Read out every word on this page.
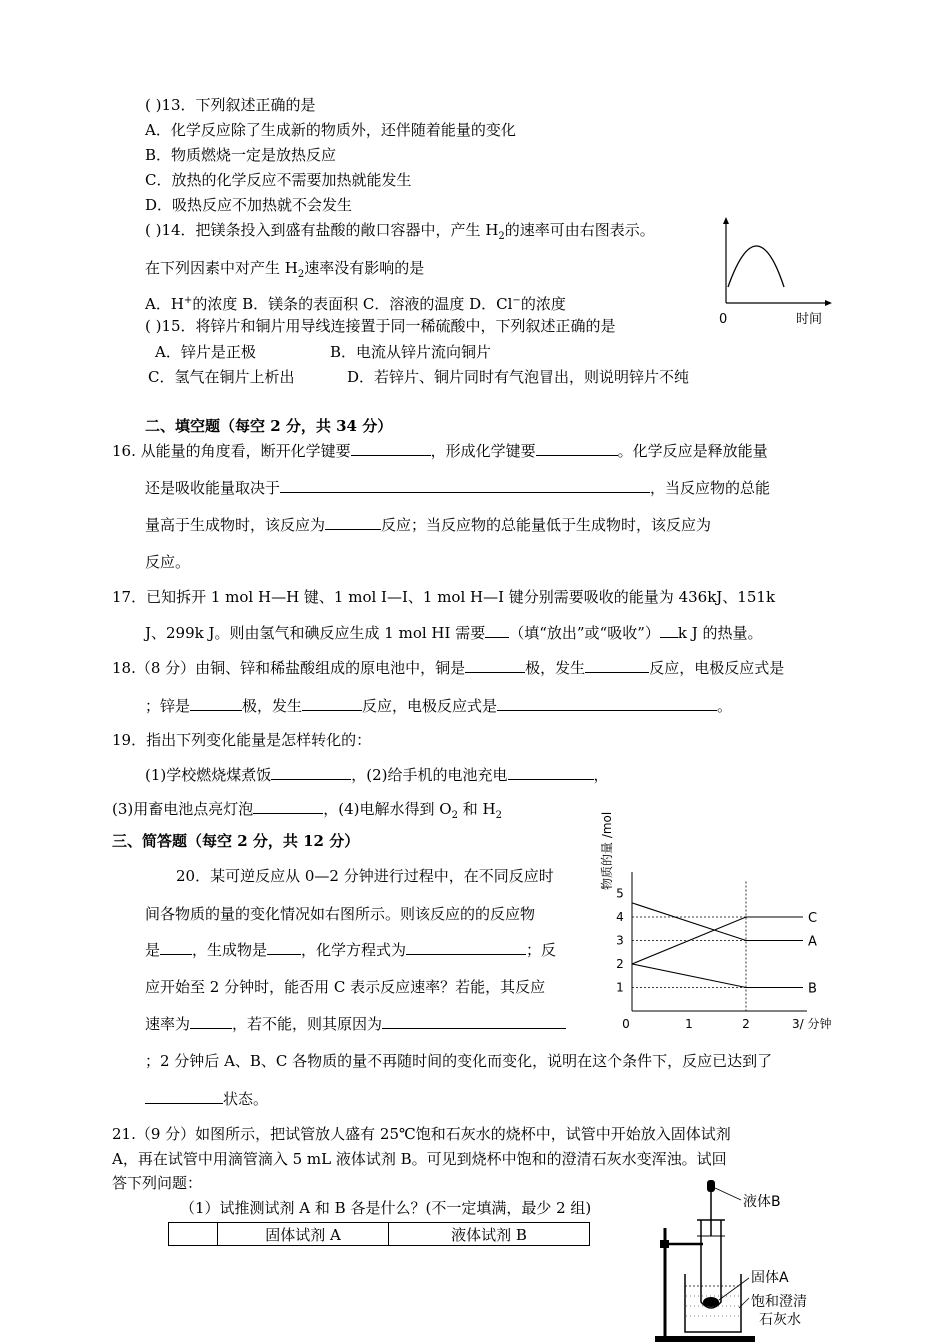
( )13．下列叙述正确的是
A．化学反应除了生成新的物质外，还伴随着能量的变化
B．物质燃烧一定是放热反应
C．放热的化学反应不需要加热就能发生
D．吸热反应不加热就不会发生
( )14．把镁条投入到盛有盐酸的敞口容器中，产生 $H_2$的速率可由右图表示。
在下列因素中对产生 $H_2$速率没有影响的是
A．H+的浓度 B．镁条的表面积 C．溶液的温度 D．Cl−的浓度
0	时间
( )15．将锌片和铜片用导线连接置于同一稀硫酸中，下列叙述正确的是
A．锌片是正极	B．电流从锌片流向铜片
C．氢气在铜片上析出	D．若锌片、铜片同时有气泡冒出，则说明锌片不纯
二、填空题（每空 2 分，共 34 分）
16. 从能量的角度看，断开化学键要	，形成化学键要	。化学反应是释放能量
还是吸收能量取决于	，当反应物的总能
量高于生成物时，该反应为	反应；当反应物的总能量低于生成物时，该反应为
反应。
17．已知拆开 1 mol H—H 键、1 mol I—I、1 mol H—I 键分别需要吸收的能量为 436kJ、151k
J、299k J。则由氢气和碘反应生成 1 mol HI 需要 （填“放出”或“吸收”） k J 的热量。
18.（8 分）由铜、锌和稀盐酸组成的原电池中，铜是	极，发生	反应，电极反应式是
；锌是	极，发生	反应，电极反应式是	。
19．指出下列变化能量是怎样转化的：
(1)学校燃烧煤煮饭	，(2)给手机的电池充电	，
(3)用畜电池点亮灯泡	，(4)电解水得到 $O_2$ 和 $H_2$
三、简答题（每空 2 分，共 12 分）
20．某可逆反应从 0—2 分钟进行过程中，在不同反应时
间各物质的量的变化情况如右图所示。则该反应的的反应物
是 ，生成物是 ，化学方程式为	；反
应开始至 2 分钟时，能否用 C 表示反应速率？若能，其反应
速率为	，若不能，则其原因为
；2 分钟后 A、B、C 各物质的量不再随时间的变化而变化，说明在这个条件下，反应已达到了
状态。
物质的量 /mol
C
A
B
1
2
3
4
5
0	1	2	3/ 分钟
21.（9 分）如图所示，把试管放人盛有 25℃饱和石灰水的烧杯中，试管中开始放入固体试剂
A，再在试管中用滴管滴入 5 mL 液体试剂 B。可见到烧杯中饱和的澄清石灰水变浑浊。试回
答下列问题：
（1）试推测试剂 A 和 B 各是什么？(不一定填满，最少 2 组)
	固体试剂 A	液体试剂 B
液体B
固体A
饱和澄清
石灰水
